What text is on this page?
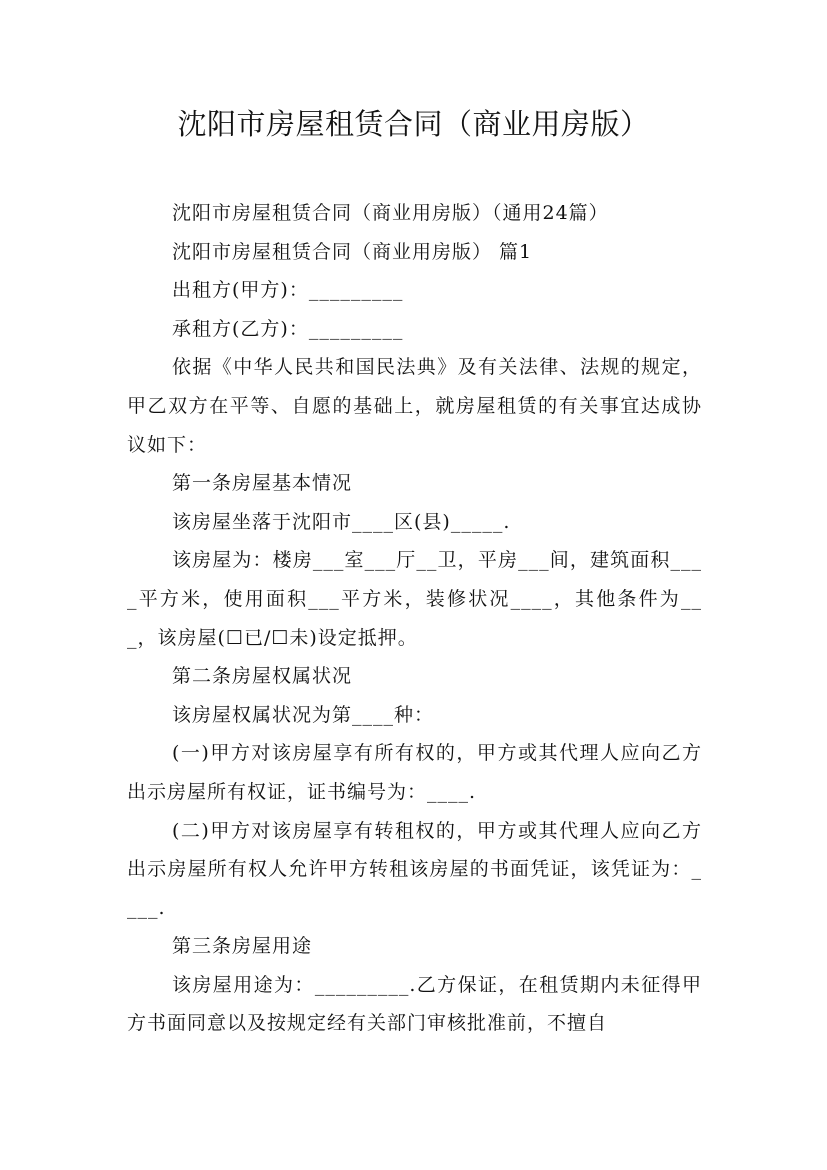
沈阳市房屋租赁合同（商业用房版）

沈阳市房屋租赁合同（商业用房版）（通用24篇）

沈阳市房屋租赁合同（商业用房版） 篇1

出租方(甲方)：_________

承租方(乙方)：_________

依据《中华人民共和国民法典》及有关法律、法规的规定，甲乙双方在平等、自愿的基础上，就房屋租赁的有关事宜达成协议如下：

第一条房屋基本情况

该房屋坐落于沈阳市____区(县)_____.

该房屋为：楼房___室___厅__卫，平房___间，建筑面积____平方米，使用面积___平方米，装修状况____，其他条件为___，该房屋(☐已/☐未)设定抵押。

第二条房屋权属状况

该房屋权属状况为第____种：

(一)甲方对该房屋享有所有权的，甲方或其代理人应向乙方出示房屋所有权证，证书编号为：____.

(二)甲方对该房屋享有转租权的，甲方或其代理人应向乙方出示房屋所有权人允许甲方转租该房屋的书面凭证，该凭证为：____.

第三条房屋用途

该房屋用途为：_________.乙方保证，在租赁期内未征得甲方书面同意以及按规定经有关部门审核批准前，不擅自
